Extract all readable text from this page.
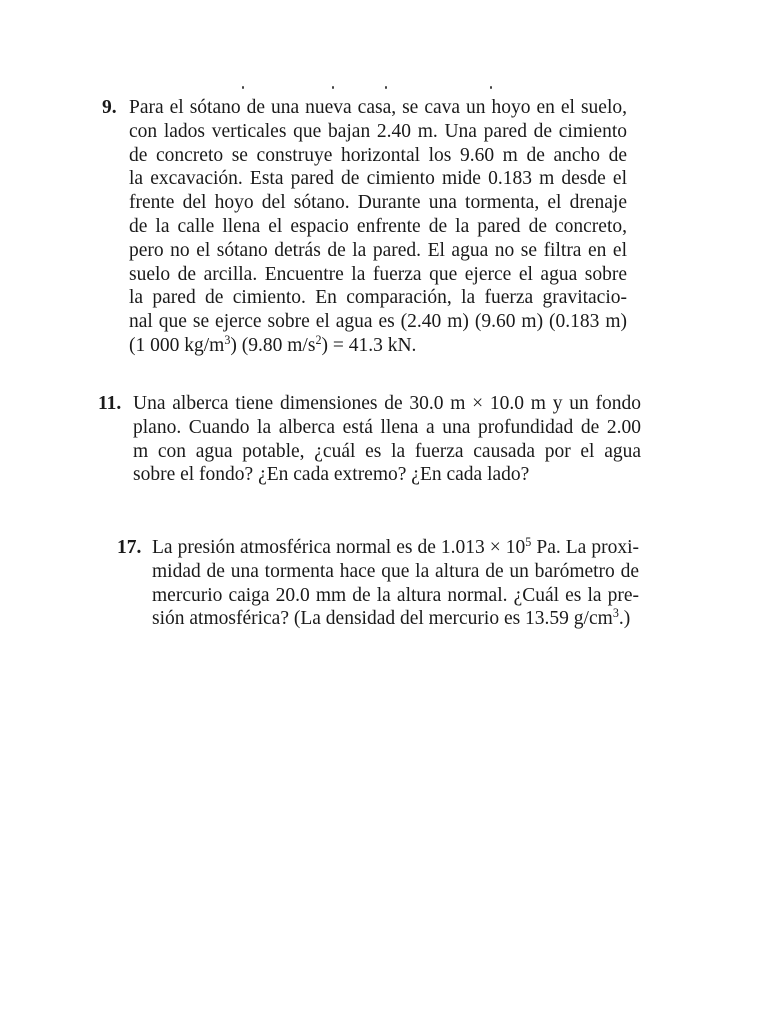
9. Para el sótano de una nueva casa, se cava un hoyo en el suelo,
con lados verticales que bajan 2.40 m. Una pared de cimiento
de concreto se construye horizontal los 9.60 m de ancho de
la excavación. Esta pared de cimiento mide 0.183 m desde el
frente del hoyo del sótano. Durante una tormenta, el drenaje
de la calle llena el espacio enfrente de la pared de concreto,
pero no el sótano detrás de la pared. El agua no se filtra en el
suelo de arcilla. Encuentre la fuerza que ejerce el agua sobre
la pared de cimiento. En comparación, la fuerza gravitacio-
nal que se ejerce sobre el agua es (2.40 m) (9.60 m) (0.183 m)
(1 000 $kg/m^3$) (9.80 $m/s^2) = 41.3$ kN.
11. Una alberca tiene dimensiones de 30.0 m × 10.0 m y un fondo
plano. Cuando la alberca está llena a una profundidad de 2.00
m con agua potable, ¿cuál es la fuerza causada por el agua
sobre el fondo? ¿En cada extremo? ¿En cada lado?
17. La presión atmosférica normal es de $1.013 \times 10^5$ Pa. La proxi-
midad de una tormenta hace que la altura de un barómetro de
mercurio caiga 20.0 mm de la altura normal. ¿Cuál es la pre-
sión atmosférica? (La densidad del mercurio es 13.59 $g/cm^3$.)
